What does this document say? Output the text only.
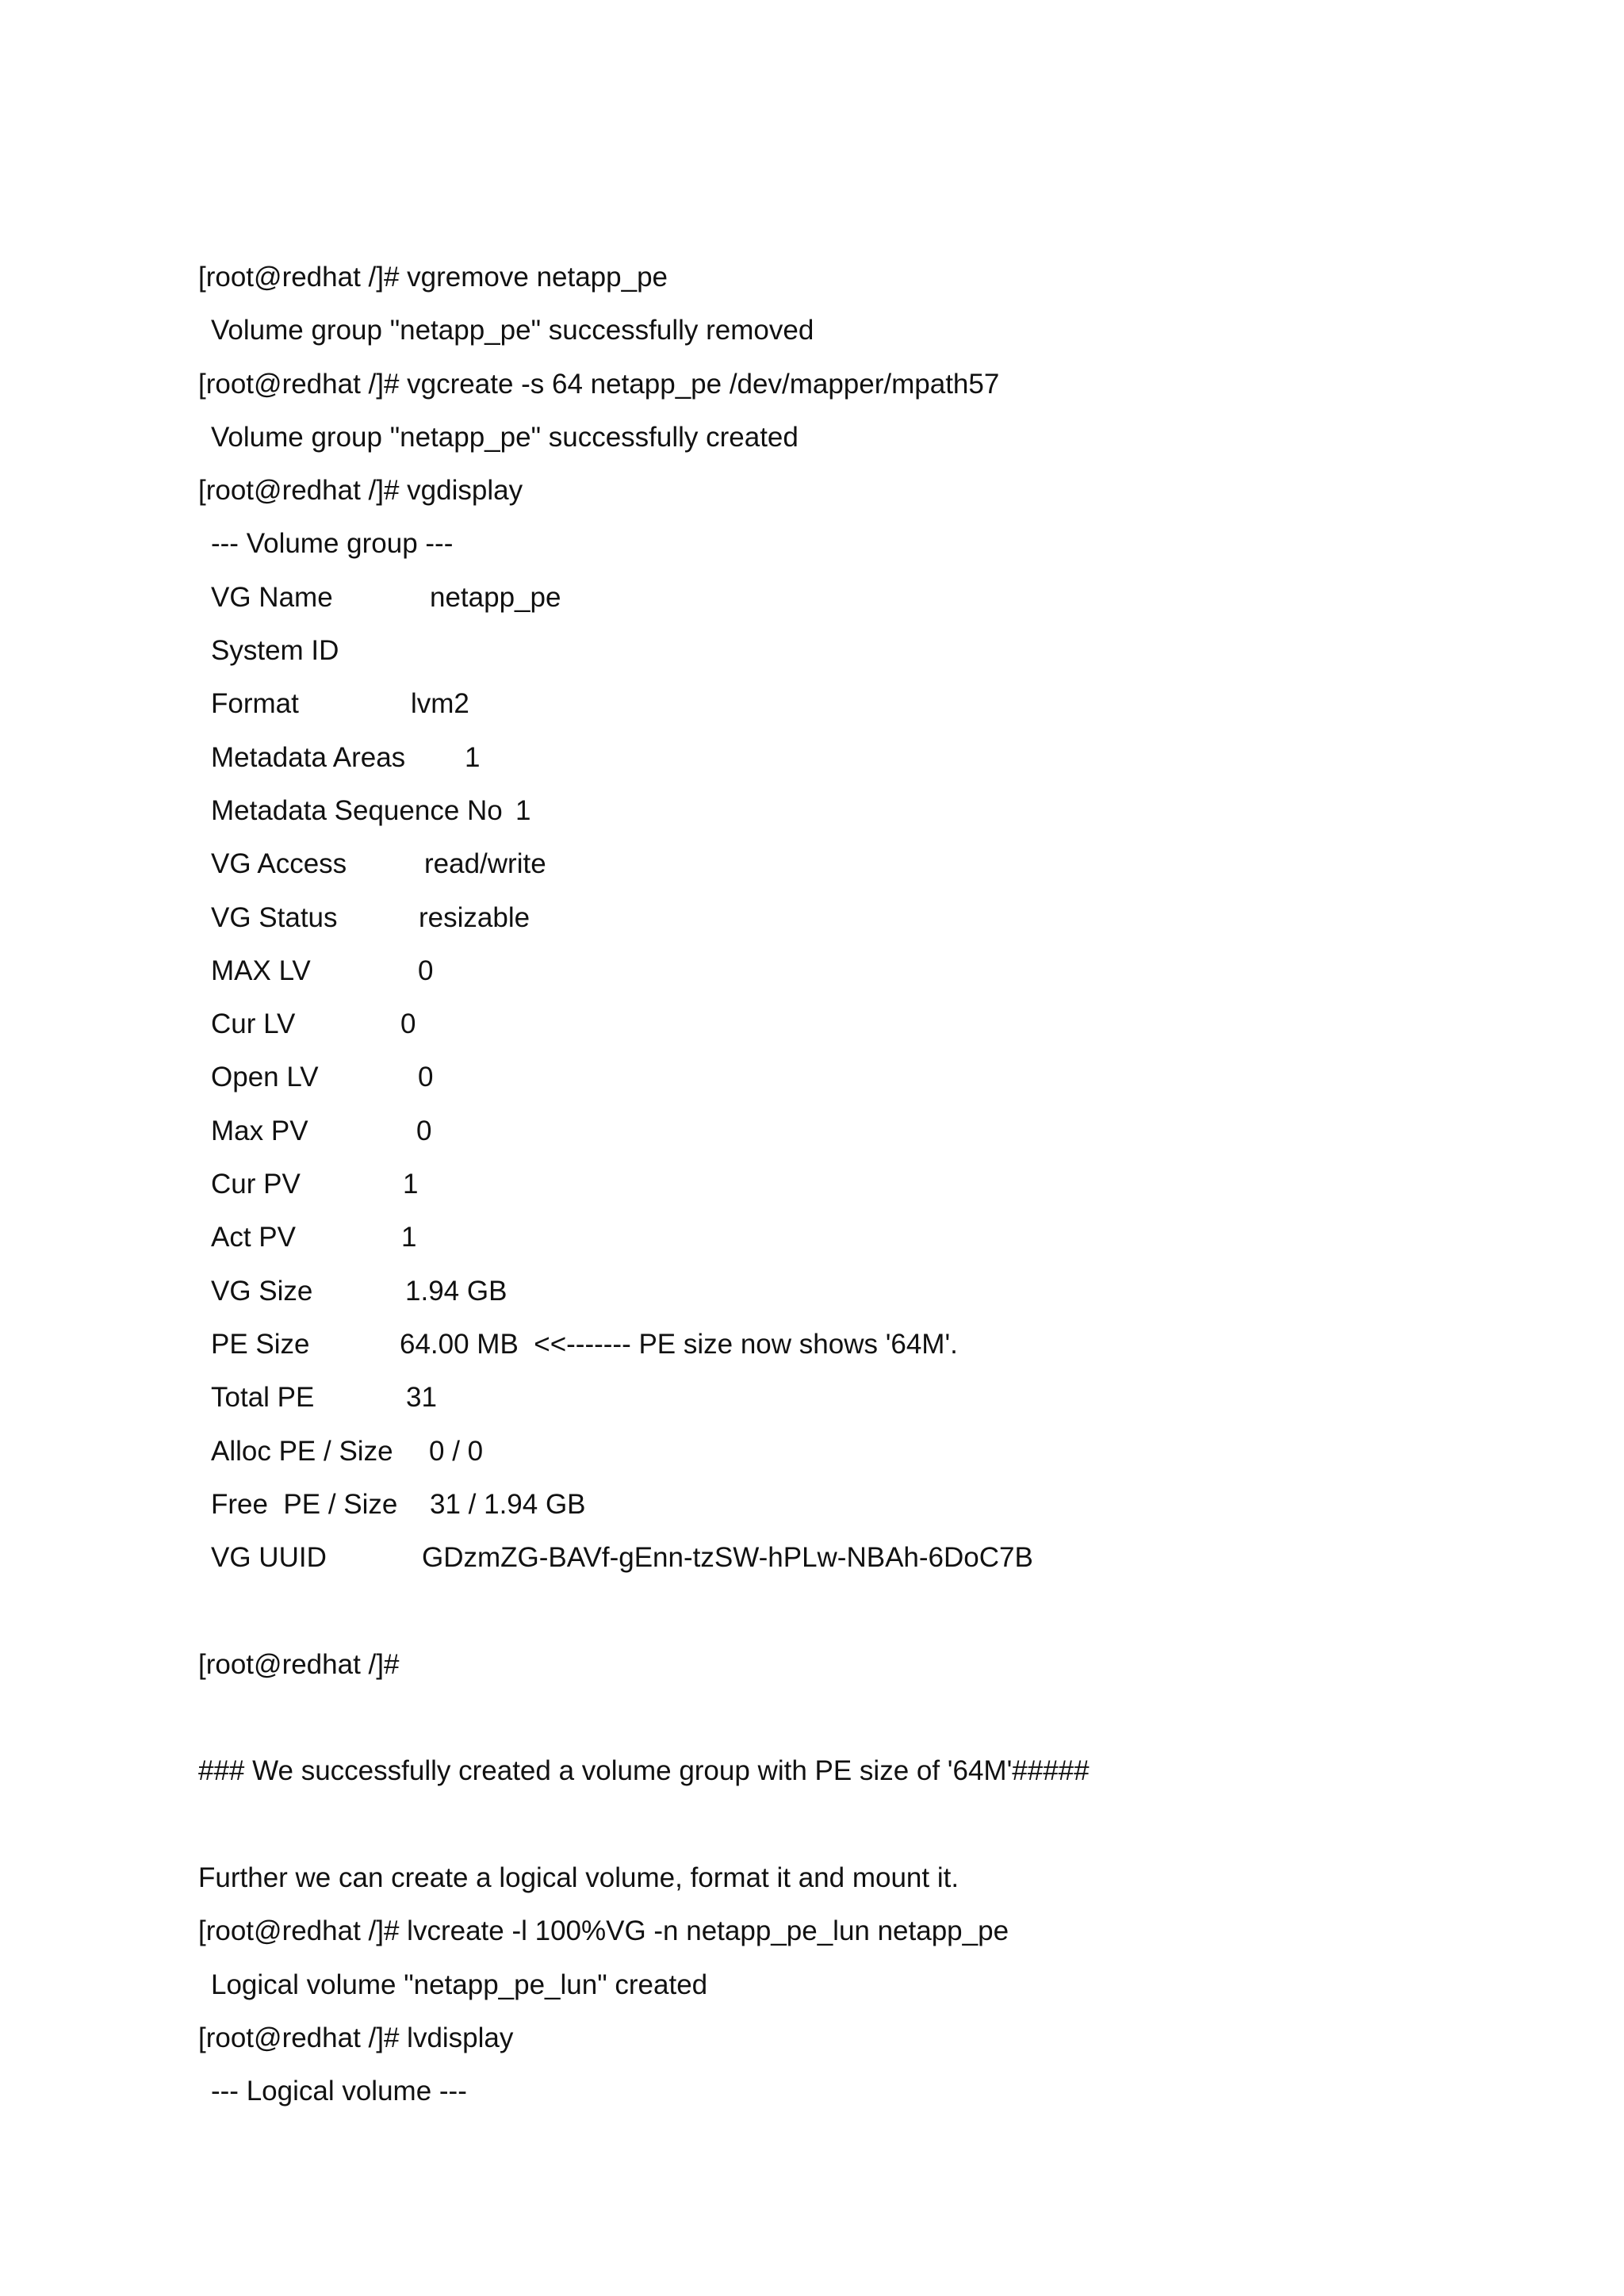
[root@redhat /]# vgremove netapp_pe
Volume group "netapp_pe" successfully removed
[root@redhat /]# vgcreate -s 64 netapp_pe /dev/mapper/mpath57
Volume group "netapp_pe" successfully created
[root@redhat /]# vgdisplay
--- Volume group ---
VG Name	netapp_pe
System ID
Format	lvm2
Metadata Areas	1
Metadata Sequence No 1
VG Access	read/write
VG Status	resizable
MAX LV	0
Cur LV	0
Open LV	0
Max PV	0
Cur PV	1
Act PV	1
VG Size	1.94 GB
PE Size	64.00 MB  <<------- PE size now shows '64M'.
Total PE	31
Alloc PE / Size	0 / 0
Free  PE / Size	31 / 1.94 GB
VG UUID	GDzmZG-BAVf-gEnn-tzSW-hPLw-NBAh-6DoC7B
[root@redhat /]#
### We successfully created a volume group with PE size of '64M'#####
Further we can create a logical volume, format it and mount it.
[root@redhat /]# lvcreate -l 100%VG -n netapp_pe_lun netapp_pe
Logical volume "netapp_pe_lun" created
[root@redhat /]# lvdisplay
--- Logical volume ---
